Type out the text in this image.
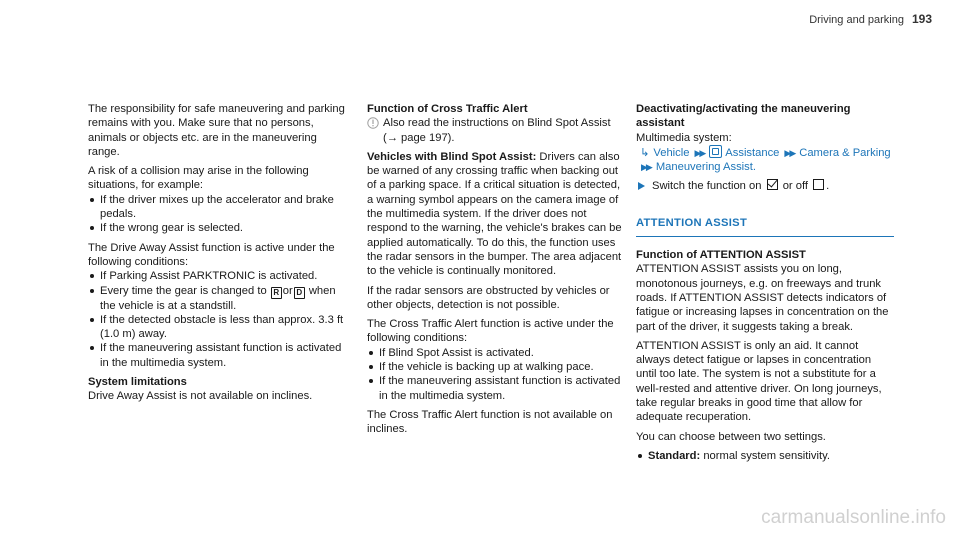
Driving and parking 193

The responsibility for safe maneuvering and parking remains with you. Make sure that no persons, animals or objects etc. are in the maneuvering range.

A risk of a collision may arise in the following situations, for example:

If the driver mixes up the accelerator and brake pedals.
If the wrong gear is selected.

The Drive Away Assist function is active under the following conditions:

If Parking Assist PARKTRONIC is activated.
Every time the gear is changed to R or D when the vehicle is at a standstill.
If the detected obstacle is less than approx. 3.3 ft (1.0 m) away.
If the maneuvering assistant function is activated in the multimedia system.

System limitations

Drive Away Assist is not available on inclines.

Function of Cross Traffic Alert

Also read the instructions on Blind Spot Assist (→ page 197).

Vehicles with Blind Spot Assist: Drivers can also be warned of any crossing traffic when backing out of a parking space. If a critical situation is detected, a warning symbol appears on the camera image of the multimedia system. If the driver does not respond to the warning, the vehicle's brakes can be applied automatically. To do this, the function uses the radar sensors in the bumper. The area adjacent to the vehicle is continually monitored.

If the radar sensors are obstructed by vehicles or other objects, detection is not possible.

The Cross Traffic Alert function is active under the following conditions:

If Blind Spot Assist is activated.
If the vehicle is backing up at walking pace.
If the maneuvering assistant function is activated in the multimedia system.

The Cross Traffic Alert function is not available on inclines.

Deactivating/activating the maneuvering assistant

Multimedia system:

↳ Vehicle ▶▶ Assistance ▶▶ Camera & Parking▶▶ Maneuvering Assist.

Switch the function on or off .

ATTENTION ASSIST

Function of ATTENTION ASSIST

ATTENTION ASSIST assists you on long, monotonous journeys, e.g. on freeways and trunk roads. If ATTENTION ASSIST detects indicators of fatigue or increasing lapses in concentration on the part of the driver, it suggests taking a break.

ATTENTION ASSIST is only an aid. It cannot always detect fatigue or lapses in concentration until too late. The system is not a substitute for a well-rested and attentive driver. On long journeys, take regular breaks in good time that allow for adequate recuperation.

You can choose between two settings.

Standard: normal system sensitivity.
carmanualsonline.info
